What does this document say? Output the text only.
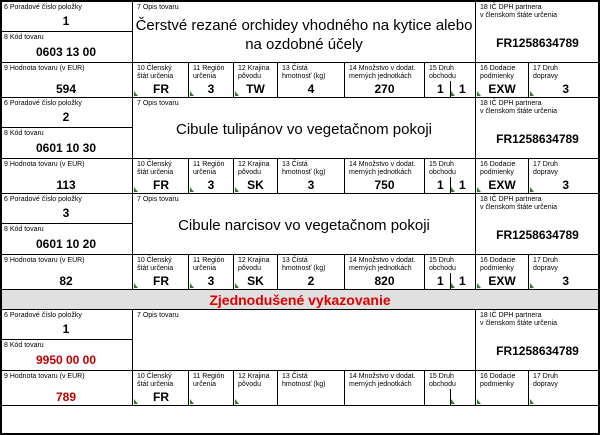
6 Poradové číslo položky
1
8 Kód tovaru
0603 13 00
7 Opis tovaru
Čerstvé rezané orchidey vhodného na kytice alebo
na ozdobné účely
18 IČ DPH partnera
v členskom štáte určenia
FR1258634789
9 Hodnota tovaru (v EUR)
594
10 Členský
štát určenia
FR
11 Región
určenia
3
12 Krajina
pôvodu
TW
13 Čistá
hmotnosť (kg)
4
14 Množstvo v dodat.
merných jednotkách
270
15 Druh
obchodu
1 1
16 Dodacie
podmienky
EXW
17 Druh
dopravy
3
6 Poradové číslo položky
2
8 Kód tovaru
0601 10 30
7 Opis tovaru
Cibule tulipánov vo vegetačnom pokoji
18 IČ DPH partnera
v členskom štáte určenia
FR1258634789
9 Hodnota tovaru (v EUR)
113
10 Členský
štát určenia
FR
11 Región
určenia
3
12 Krajina
pôvodu
SK
13 Čistá
hmotnosť (kg)
3
14 Množstvo v dodat.
merných jednotkách
750
15 Druh
obchodu
1 1
16 Dodacie
podmienky
EXW
17 Druh
dopravy
3
6 Poradové číslo položky
3
8 Kód tovaru
0601 10 20
7 Opis tovaru
Cibule narcisov vo vegetačnom pokoji
18 IČ DPH partnera
v členskom štáte určenia
FR1258634789
9 Hodnota tovaru (v EUR)
82
10 Členský
štát určenia
FR
11 Región
určenia
3
12 Krajina
pôvodu
SK
13 Čistá
hmotnosť (kg)
2
14 Množstvo v dodat.
merných jednotkách
820
15 Druh
obchodu
1 1
16 Dodacie
podmienky
EXW
17 Druh
dopravy
3
Zjednodušené vykazovanie
6 Poradové číslo položky
1
8 Kód tovaru
9950 00 00
7 Opis tovaru	18 IČ DPH partnera
v členskom štáte určenia
FR1258634789
9 Hodnota tovaru (v EUR)
789
10 Členský
štát určenia
FR
11 Región
určenia
12 Krajina
pôvodu
13 Čistá
hmotnosť (kg)
14 Množstvo v dodat.
merných jednotkách
15 Druh
obchodu
16 Dodacie
podmienky
17 Druh
dopravy
